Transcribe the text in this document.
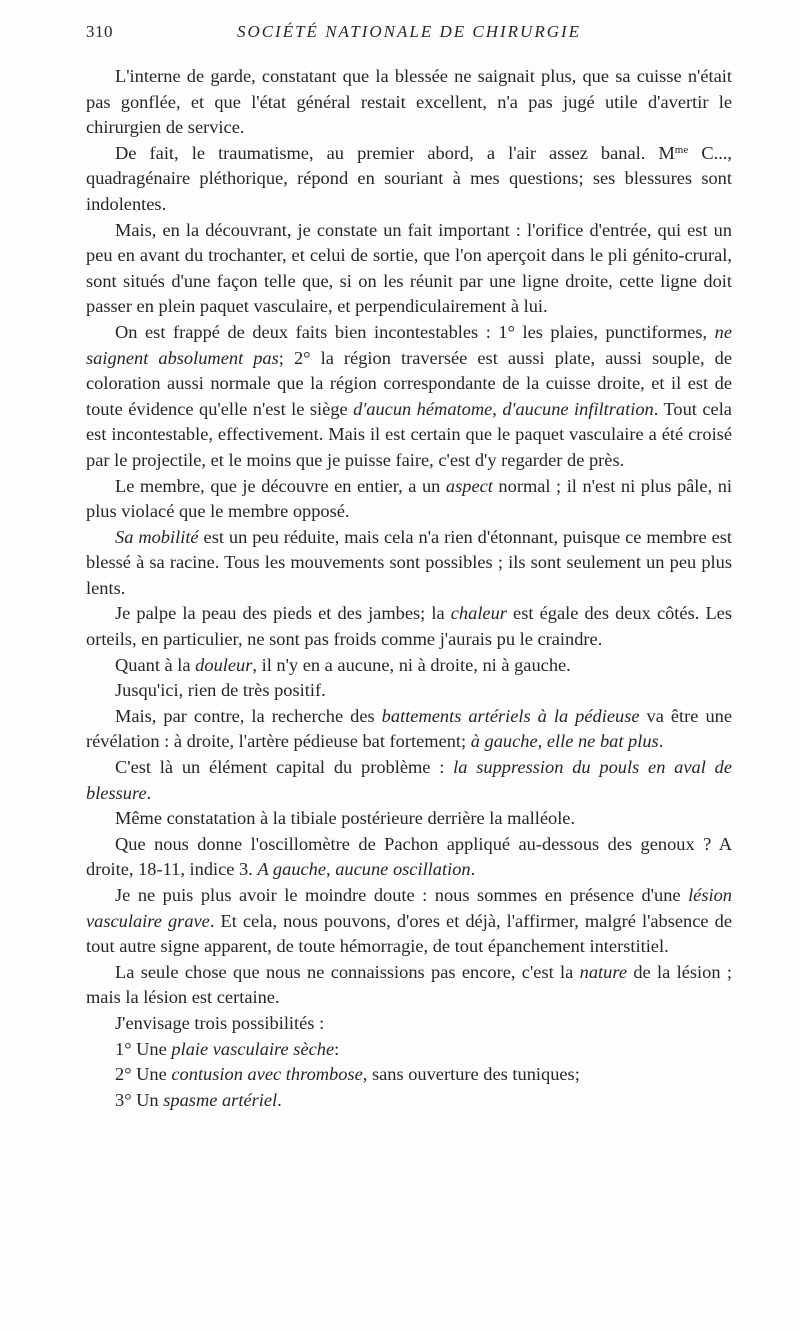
310	SOCIÉTÉ NATIONALE DE CHIRURGIE

L'interne de garde, constatant que la blessée ne saignait plus, que sa cuisse n'était pas gonflée, et que l'état général restait excellent, n'a pas jugé utile d'avertir le chirurgien de service.

De fait, le traumatisme, au premier abord, a l'air assez banal. $M^{me}$ C..., quadragénaire pléthorique, répond en souriant à mes questions; ses blessures sont indolentes.

Mais, en la découvrant, je constate un fait important : l'orifice d'entrée, qui est un peu en avant du trochanter, et celui de sortie, que l'on aperçoit dans le pli génito-crural, sont situés d'une façon telle que, si on les réunit par une ligne droite, cette ligne doit passer en plein paquet vasculaire, et perpendiculairement à lui.

On est frappé de deux faits bien incontestables : 1° les plaies, punctiformes, ne saignent absolument pas; 2° la région traversée est aussi plate, aussi souple, de coloration aussi normale que la région correspondante de la cuisse droite, et il est de toute évidence qu'elle n'est le siège d'aucun hématome, d'aucune infiltration. Tout cela est incontestable, effectivement. Mais il est certain que le paquet vasculaire a été croisé par le projectile, et le moins que je puisse faire, c'est d'y regarder de près.

Le membre, que je découvre en entier, a un aspect normal ; il n'est ni plus pâle, ni plus violacé que le membre opposé.

Sa mobilité est un peu réduite, mais cela n'a rien d'étonnant, puisque ce membre est blessé à sa racine. Tous les mouvements sont possibles ; ils sont seulement un peu plus lents.

Je palpe la peau des pieds et des jambes; la chaleur est égale des deux côtés. Les orteils, en particulier, ne sont pas froids comme j'aurais pu le craindre.

Quant à la douleur, il n'y en a aucune, ni à droite, ni à gauche.

Jusqu'ici, rien de très positif.

Mais, par contre, la recherche des battements artériels à la pédieuse va être une révélation : à droite, l'artère pédieuse bat fortement; à gauche, elle ne bat plus.

C'est là un élément capital du problème : la suppression du pouls en aval de blessure.

Même constatation à la tibiale postérieure derrière la malléole.

Que nous donne l'oscillomètre de Pachon appliqué au-dessous des genoux ? A droite, 18-11, indice 3. A gauche, aucune oscillation.

Je ne puis plus avoir le moindre doute : nous sommes en présence d'une lésion vasculaire grave. Et cela, nous pouvons, d'ores et déjà, l'affirmer, malgré l'absence de tout autre signe apparent, de toute hémorragie, de tout épanchement interstitiel.

La seule chose que nous ne connaissions pas encore, c'est la nature de la lésion ; mais la lésion est certaine.

J'envisage trois possibilités :

1° Une plaie vasculaire sèche:

2° Une contusion avec thrombose, sans ouverture des tuniques;

3° Un spasme artériel.
